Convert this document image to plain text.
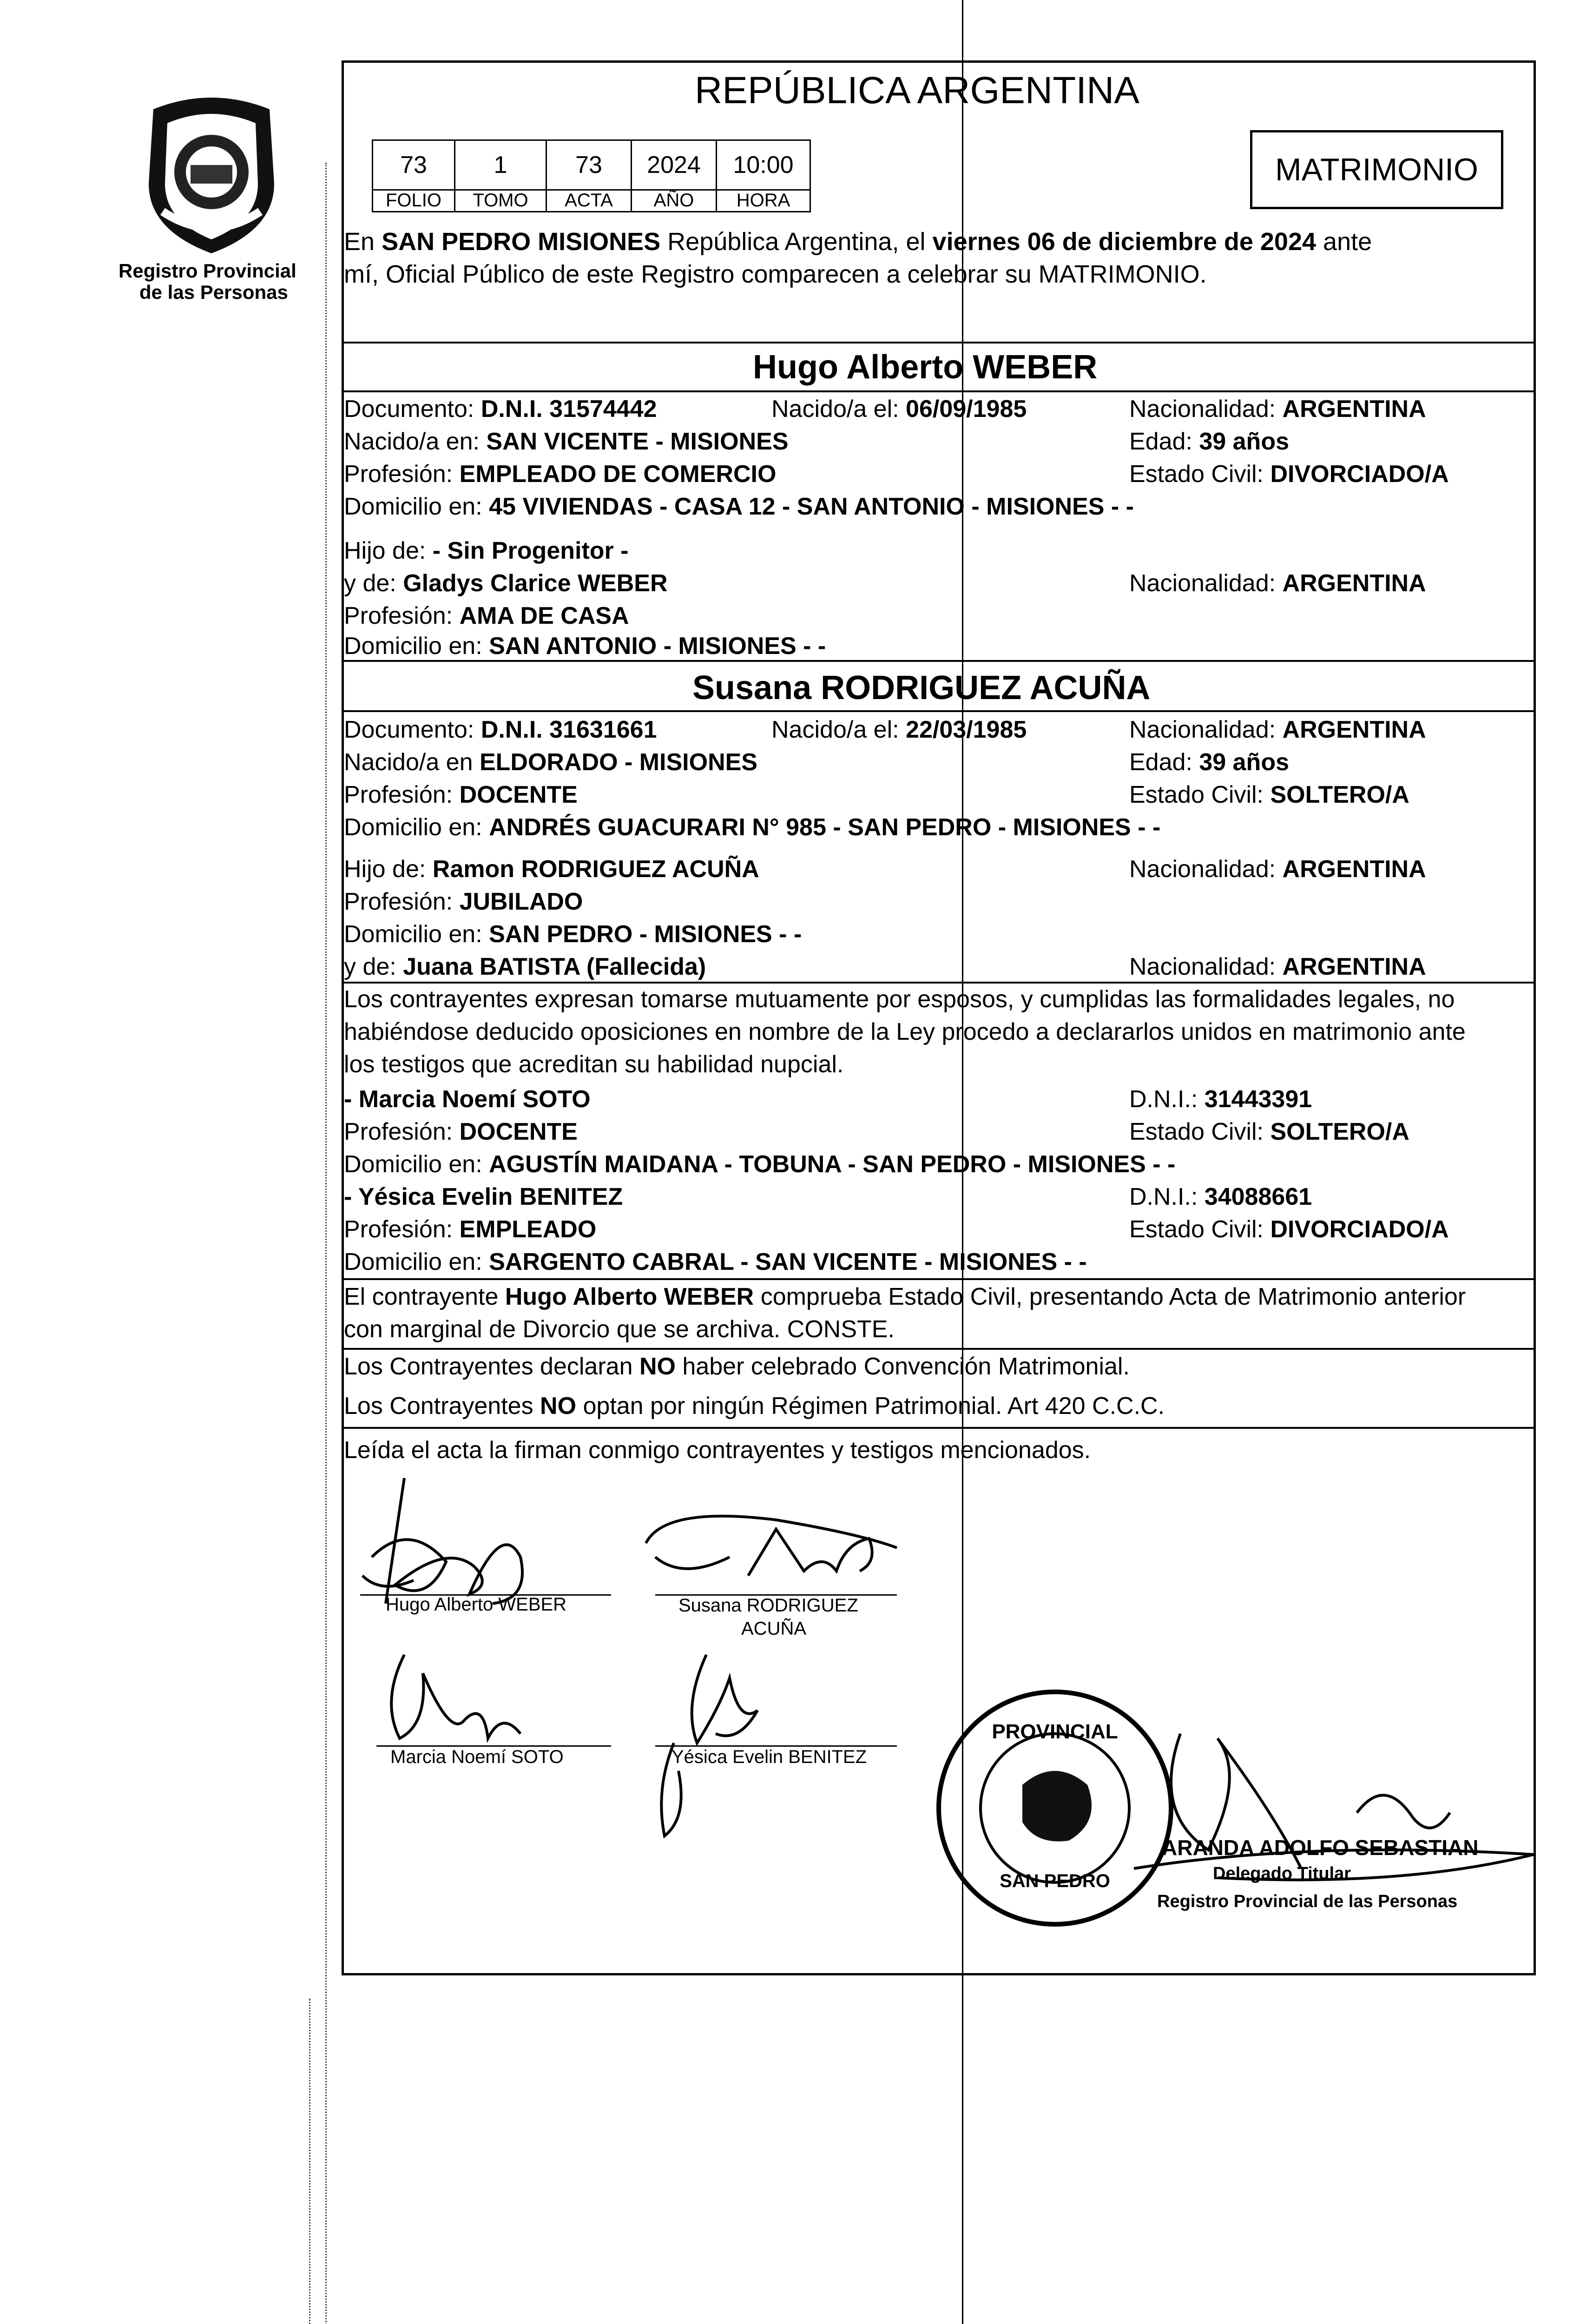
Registro Provincial
de las Personas
REPÚBLICA ARGENTINA
73	1	73	2024	10:00
FOLIO	TOMO	ACTA	AÑO	HORA
MATRIMONIO
En SAN PEDRO MISIONES República Argentina, el viernes 06 de diciembre de 2024 ante
mí, Oficial Público de este Registro comparecen a celebrar su MATRIMONIO.
Hugo Alberto WEBER
Documento: D.N.I. 31574442	Nacido/a el: 06/09/1985	Nacionalidad: ARGENTINA
Nacido/a en: SAN VICENTE - MISIONES	Edad: 39 años
Profesión: EMPLEADO DE COMERCIO	Estado Civil: DIVORCIADO/A
Domicilio en: 45 VIVIENDAS - CASA 12 - SAN ANTONIO - MISIONES - -
Hijo de: - Sin Progenitor -
y de: Gladys Clarice WEBER	Nacionalidad: ARGENTINA
Profesión: AMA DE CASA
Domicilio en: SAN ANTONIO - MISIONES - -
Susana RODRIGUEZ ACUÑA
Documento: D.N.I. 31631661	Nacido/a el: 22/03/1985	Nacionalidad: ARGENTINA
Nacido/a en ELDORADO - MISIONES	Edad: 39 años
Profesión: DOCENTE	Estado Civil: SOLTERO/A
Domicilio en: ANDRÉS GUACURARI N° 985 - SAN PEDRO - MISIONES - -
Hijo de: Ramon RODRIGUEZ ACUÑA	Nacionalidad: ARGENTINA
Profesión: JUBILADO
Domicilio en: SAN PEDRO - MISIONES - -
y de: Juana BATISTA (Fallecida)	Nacionalidad: ARGENTINA
Los contrayentes expresan tomarse mutuamente por esposos, y cumplidas las formalidades legales, no
habiéndose deducido oposiciones en nombre de la Ley procedo a declararlos unidos en matrimonio ante
los testigos que acreditan su habilidad nupcial.
- Marcia Noemí SOTO	D.N.I.: 31443391
Profesión: DOCENTE	Estado Civil: SOLTERO/A
Domicilio en: AGUSTÍN MAIDANA - TOBUNA - SAN PEDRO - MISIONES - -
- Yésica Evelin BENITEZ	D.N.I.: 34088661
Profesión: EMPLEADO	Estado Civil: DIVORCIADO/A
Domicilio en: SARGENTO CABRAL - SAN VICENTE - MISIONES - -
El contrayente Hugo Alberto WEBER comprueba Estado Civil, presentando Acta de Matrimonio anterior
con marginal de Divorcio que se archiva. CONSTE.
Los Contrayentes declaran NO haber celebrado Convención Matrimonial.
Los Contrayentes NO optan por ningún Régimen Patrimonial. Art 420 C.C.C.
Leída el acta la firman conmigo contrayentes y testigos mencionados.
Hugo Alberto WEBER	Susana RODRIGUEZ
ACUÑA
Marcia Noemí SOTO	Yésica Evelin BENITEZ
PROVINCIAL
SAN PEDRO
ARANDA ADOLFO SEBASTIAN
Delegado Titular
Registro Provincial de las Personas
